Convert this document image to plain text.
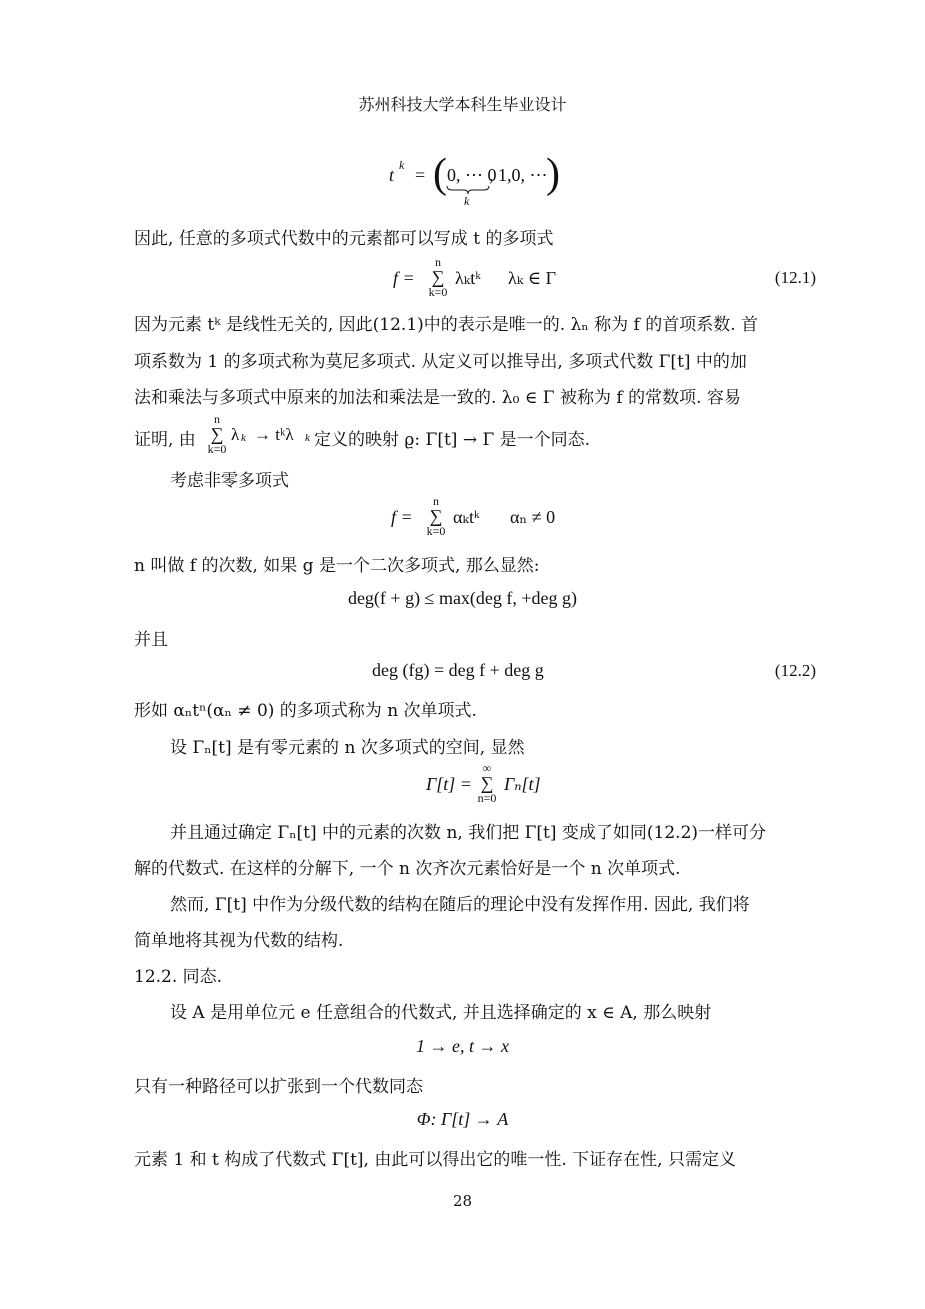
苏州科技大学本科生毕业设计
t k = ( 0, ⋯ 0
k
, 1,0, ⋯
)
因此, 任意的多项式代数中的元素都可以写成 t 的多项式
f =
n
∑
k=0
λₖtᵏ λₖ ∈ Γ	(12.1)
因为元素 tᵏ 是线性无关的, 因此(12.1)中的表示是唯一的. λₙ 称为 f 的首项系数. 首
项系数为 1 的多项式称为莫尼多项式. 从定义可以推导出, 多项式代数 Γ[t] 中的加
法和乘法与多项式中原来的加法和乘法是一致的. λ₀ ∈ Γ 被称为 f 的常数项. 容易
证明, 由
n
∑
k=0
λ k → tᵏλ k 定义的映射 ϱ: Γ[t] → Γ 是一个同态.
考虑非零多项式
f =
n
∑
k=0
αₖtᵏ αₙ ≠ 0
n 叫做 f 的次数, 如果 g 是一个二次多项式, 那么显然:
deg(f + g) ≤ max(deg f, +deg g)
并且
deg (fg) = deg f + deg g	(12.2)
形如 αₙtⁿ(αₙ ≠ 0) 的多项式称为 n 次单项式.
设 Γₙ[t] 是有零元素的 n 次多项式的空间, 显然
Γ[t] =
∞
∑
n=0
Γₙ[t]
并且通过确定 Γₙ[t] 中的元素的次数 n, 我们把 Γ[t] 变成了如同(12.2)一样可分
解的代数式. 在这样的分解下, 一个 n 次齐次元素恰好是一个 n 次单项式.
然而, Γ[t] 中作为分级代数的结构在随后的理论中没有发挥作用. 因此, 我们将
简单地将其视为代数的结构.
12.2. 同态.
设 A 是用单位元 e 任意组合的代数式, 并且选择确定的 x ∈ A, 那么映射
1 → e, t → x
只有一种路径可以扩张到一个代数同态
Φ: Γ[t] → A
元素 1 和 t 构成了代数式 Γ[t], 由此可以得出它的唯一性. 下证存在性, 只需定义
28
